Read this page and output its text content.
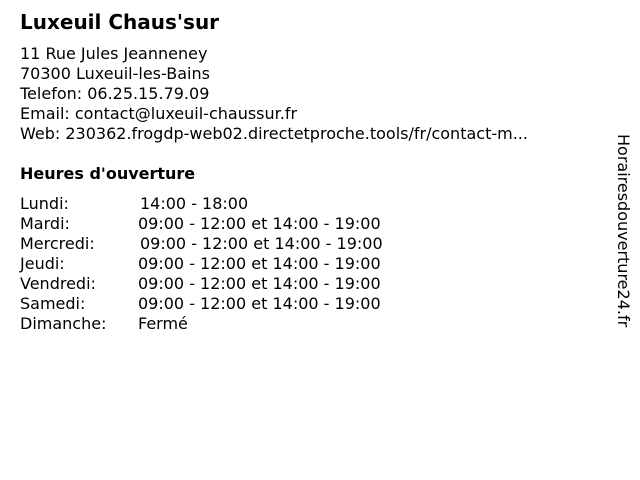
Luxeuil Chaus'sur
11 Rue Jules Jeanneney
70300 Luxeuil-les-Bains
Telefon: 06.25.15.79.09
Email: contact@luxeuil-chaussur.fr
Web: 230362.frogdp-web02.directetproche.tools/fr/contact-m...
Heures d'ouverture
Lundi:	14:00 - 18:00
Mardi:	09:00 - 12:00 et 14:00 - 19:00
Mercredi:	09:00 - 12:00 et 14:00 - 19:00
Jeudi:	09:00 - 12:00 et 14:00 - 19:00
Vendredi:	09:00 - 12:00 et 14:00 - 19:00
Samedi:	09:00 - 12:00 et 14:00 - 19:00
Dimanche: Fermé	Horairesdouverture24.fr
